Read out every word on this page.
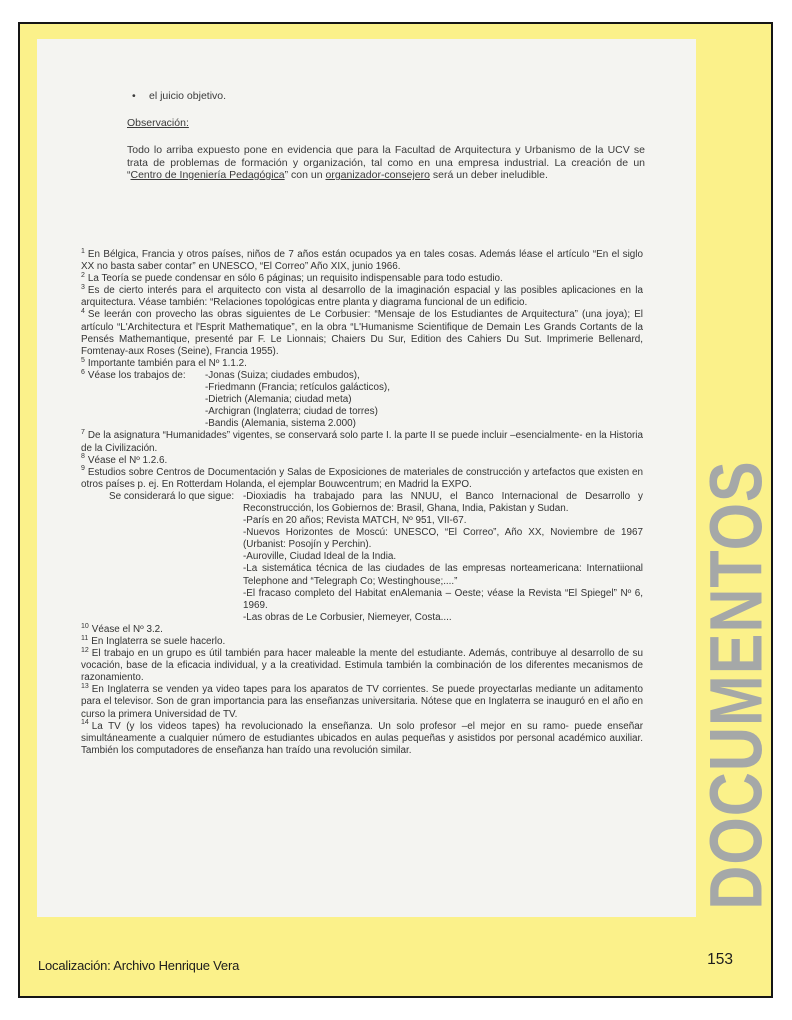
•	el juicio objetivo.
Observación:
Todo lo arriba expuesto pone en evidencia que para la Facultad de Arquitectura y Urbanismo de la UCV se trata de problemas de formación y organización, tal como en una empresa industrial. La creación de un “Centro de Ingeniería Pedagógica” con un organizador-consejero será un deber ineludible.
$^1$ En Bélgica, Francia y otros países, niños de 7 años están ocupados ya en tales cosas. Además léase el artículo “En el siglo XX no basta saber contar” en UNESCO, “El Correo” Año XIX, junio 1966.
$^2$ La Teoría se puede condensar en sólo 6 páginas; un requisito indispensable para todo estudio.
$^3$ Es de cierto interés para el arquitecto con vista al desarrollo de la imaginación espacial y las posibles aplicaciones en la arquitectura. Véase también: “Relaciones topológicas entre planta y diagrama funcional de un edificio.
$^4$ Se leerán con provecho las obras siguientes de Le Corbusier: “Mensaje de los Estudiantes de Arquitectura” (una joya); El artículo “L'Architectura et l'Esprit Mathematique”, en la obra “L'Humanisme Scientifique de Demain Les Grands Cortants de la Pensés Mathemantique, presenté par F. Le Lionnais; Chaiers Du Sur, Edition des Cahiers Du Sut. Imprimerie Bellenard, Fomtenay-aux Roses (Seine), Francia 1955).
$^5$ Importante también para el Nº 1.1.2.
$^6$ Véase los trabajos de: -Jonas (Suiza; ciudades embudos),
-Friedmann (Francia; retículos galácticos),
-Dietrich (Alemania; ciudad meta)
-Archigran (Inglaterra; ciudad de torres)
-Bandis (Alemania, sistema 2.000)
$^7$ De la asignatura “Humanidades” vigentes, se conservará solo parte I. la parte II se puede incluir –esencialmente- en la Historia de la Civilización.
$^8$ Véase el Nº 1.2.6.
$^9$ Estudios sobre Centros de Documentación y Salas de Exposiciones de materiales de construcción y artefactos que existen en otros países p. ej. En Rotterdam Holanda, el ejemplar Bouwcentrum; en Madrid la EXPO.
Se considerará lo que sigue: -Dioxiadis ha trabajado para las NNUU, el Banco Internacional de Desarrollo y Reconstrucción, los Gobiernos de: Brasil, Ghana, India, Pakistan y Sudan.
-París en 20 años; Revista MATCH, Nº 951, VII-67.
-Nuevos Horizontes de Moscú: UNESCO, “El Correo”, Año XX, Noviembre de 1967 (Urbanist: Posojín y Perchin).
-Auroville, Ciudad Ideal de la India.
-La sistemática técnica de las ciudades de las empresas norteamericana: Internatiional Telephone and “Telegraph Co; Westinghouse;....”
-El fracaso completo del Habitat enAlemania – Oeste; véase la Revista “El Spiegel” Nº 6, 1969.
-Las obras de Le Corbusier, Niemeyer, Costa....
$^{10}$ Véase el Nº 3.2.
$^{11}$ En Inglaterra se suele hacerlo.
$^{12}$ El trabajo en un grupo es útil también para hacer maleable la mente del estudiante. Además, contribuye al desarrollo de su vocación, base de la eficacia individual, y a la creatividad. Estimula también la combinación de los diferentes mecanismos de razonamiento.
$^{13}$ En Inglaterra se venden ya video tapes para los aparatos de TV corrientes. Se puede proyectarlas mediante un aditamento para el televisor. Son de gran importancia para las enseñanzas universitaria. Nótese que en Inglaterra se inauguró en el año en curso la primera Universidad de TV.
$^{14}$ La TV (y los videos tapes) ha revolucionado la enseñanza. Un solo profesor –el mejor en su ramo- puede enseñar simultáneamente a cualquier número de estudiantes ubicados en aulas pequeñas y asistidos por personal académico auxiliar. También los computadores de enseñanza han traído una revolución similar.	DOCUMENTOS
Localización: Archivo Henrique Vera	153
